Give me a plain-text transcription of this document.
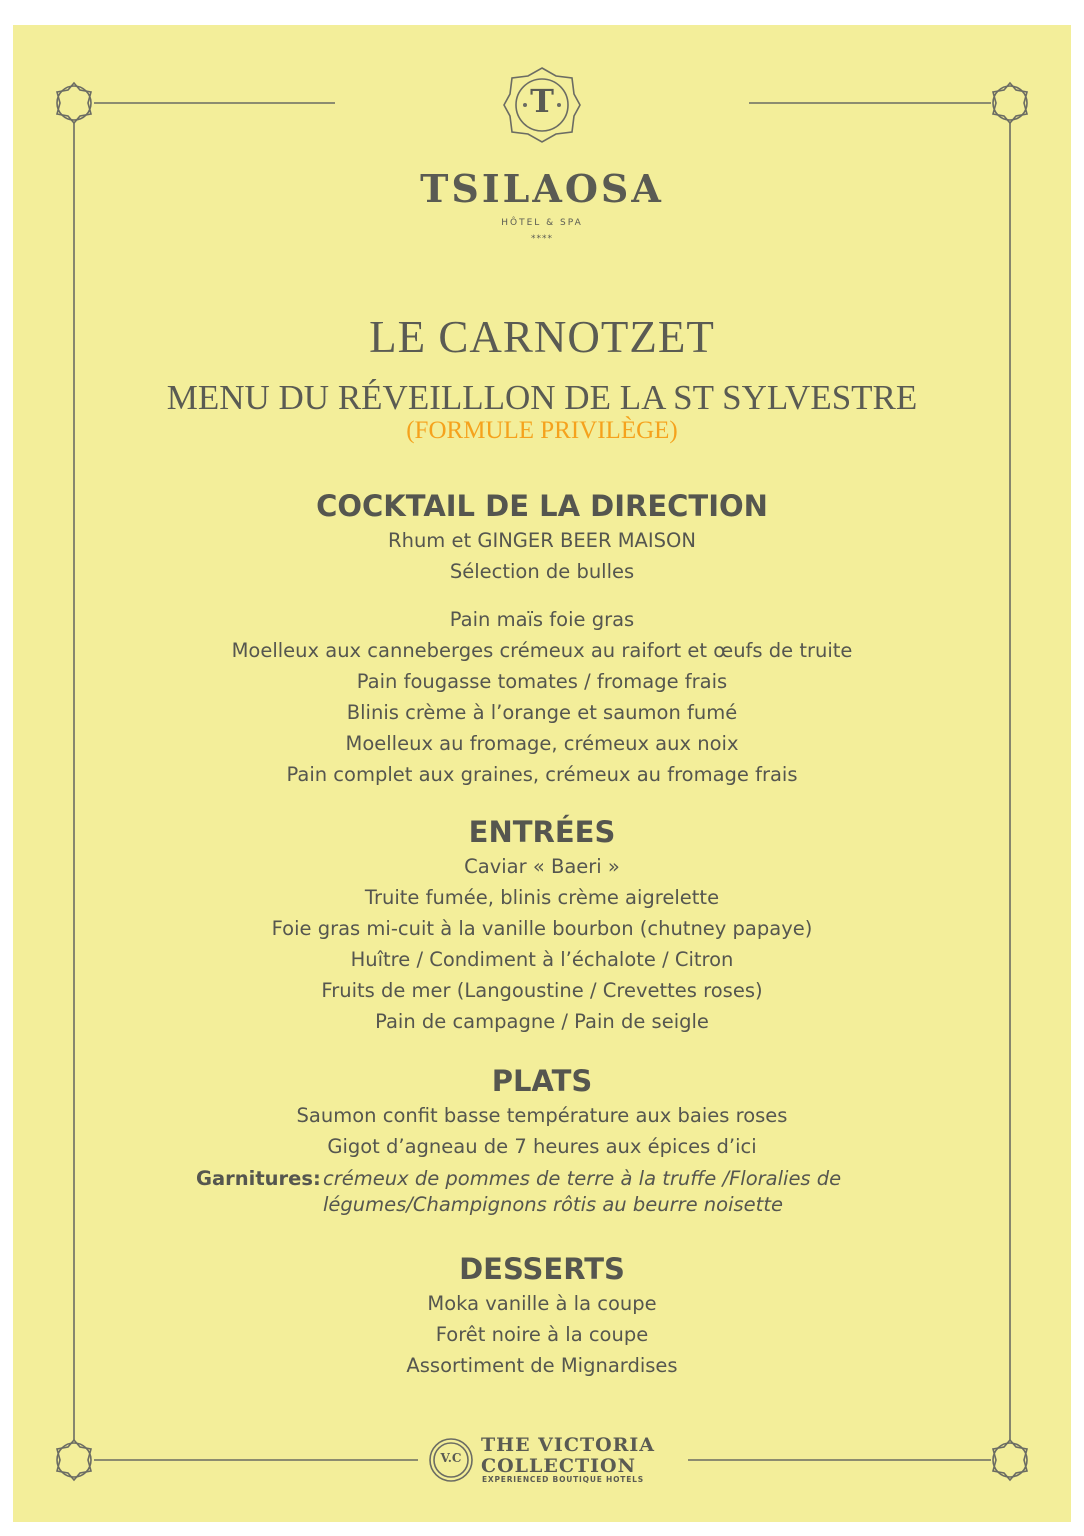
T
TSILAOSA
HÔTEL & SPA
****
LE CARNOTZET
MENU DU RÉVEILLLON DE LA ST SYLVESTRE
(FORMULE PRIVILÈGE)
COCKTAIL DE LA DIRECTION
Rhum et GINGER BEER MAISON
Sélection de bulles
Pain maïs foie gras
Moelleux aux canneberges crémeux au raifort et œufs de truite
Pain fougasse tomates / fromage frais
Blinis crème à l’orange et saumon fumé
Moelleux au fromage, crémeux aux noix
Pain complet aux graines, crémeux au fromage frais
ENTRÉES
Caviar « Baeri »
Truite fumée, blinis crème aigrelette
Foie gras mi-cuit à la vanille bourbon (chutney papaye)
Huître / Condiment à l’échalote / Citron
Fruits de mer (Langoustine / Crevettes roses)
Pain de campagne / Pain de seigle
PLATS
Saumon confit basse température aux baies roses
Gigot d’agneau de 7 heures aux épices d’ici
Garnitures: crémeux de pommes de terre à la truffe /Floralies de
légumes/Champignons rôtis au beurre noisette
DESSERTS
Moka vanille à la coupe
Forêt noire à la coupe
Assortiment de Mignardises
V.C
THE VICTORIA
COLLECTION
EXPERIENCED BOUTIQUE HOTELS
